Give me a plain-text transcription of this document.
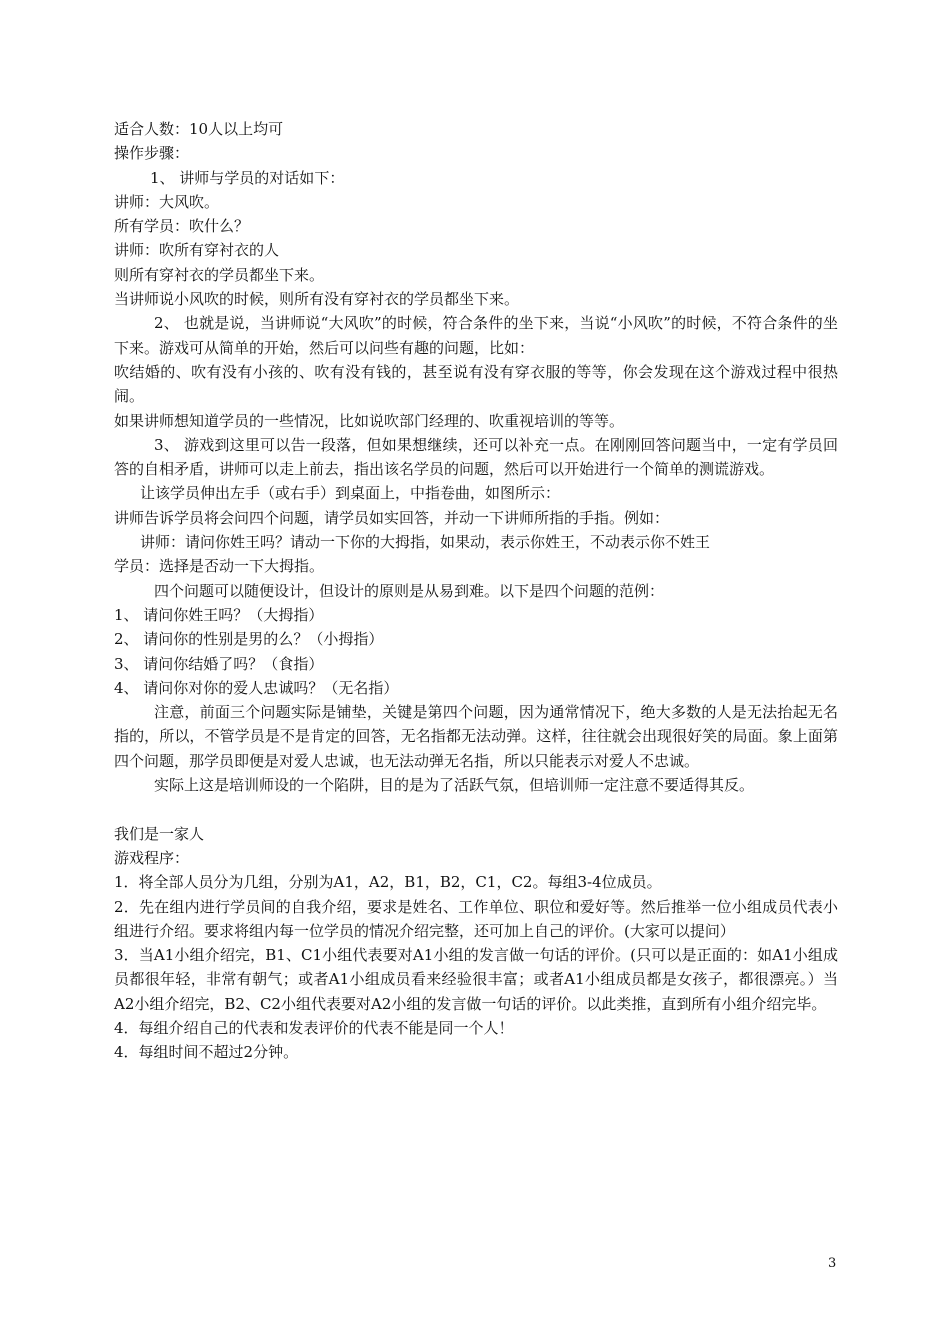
适合人数：10人以上均可

操作步骤：

1、 讲师与学员的对话如下：

讲师：大风吹。

所有学员：吹什么？

讲师：吹所有穿衬衣的人

则所有穿衬衣的学员都坐下来。

当讲师说小风吹的时候，则所有没有穿衬衣的学员都坐下来。

2、 也就是说，当讲师说“大风吹”的时候，符合条件的坐下来，当说“小风吹”的时候，不符合条件的坐下来。游戏可从简单的开始，然后可以问些有趣的问题，比如：

吹结婚的、吹有没有小孩的、吹有没有钱的，甚至说有没有穿衣服的等等，你会发现在这个游戏过程中很热闹。

如果讲师想知道学员的一些情况，比如说吹部门经理的、吹重视培训的等等。

3、 游戏到这里可以告一段落，但如果想继续，还可以补充一点。在刚刚回答问题当中，一定有学员回答的自相矛盾，讲师可以走上前去，指出该名学员的问题，然后可以开始进行一个简单的测谎游戏。

让该学员伸出左手（或右手）到桌面上，中指卷曲，如图所示：

讲师告诉学员将会问四个问题，请学员如实回答，并动一下讲师所指的手指。例如：

讲师：请问你姓王吗？请动一下你的大拇指，如果动，表示你姓王，不动表示你不姓王

学员：选择是否动一下大拇指。

四个问题可以随便设计，但设计的原则是从易到难。以下是四个问题的范例：

1、 请问你姓王吗？（大拇指）

2、 请问你的性别是男的么？（小拇指）

3、 请问你结婚了吗？（食指）

4、 请问你对你的爱人忠诚吗？（无名指）

注意，前面三个问题实际是铺垫，关键是第四个问题，因为通常情况下，绝大多数的人是无法抬起无名指的，所以，不管学员是不是肯定的回答，无名指都无法动弹。这样，往往就会出现很好笑的局面。象上面第四个问题，那学员即便是对爱人忠诚，也无法动弹无名指，所以只能表示对爱人不忠诚。

实际上这是培训师设的一个陷阱，目的是为了活跃气氛，但培训师一定注意不要适得其反。

我们是一家人

游戏程序：

1．将全部人员分为几组，分别为A1，A2，B1，B2，C1，C2。每组3-4位成员。

2．先在组内进行学员间的自我介绍，要求是姓名、工作单位、职位和爱好等。然后推举一位小组成员代表小组进行介绍。要求将组内每一位学员的情况介绍完整，还可加上自己的评价。(大家可以提问）

3．当A1小组介绍完，B1、C1小组代表要对A1小组的发言做一句话的评价。(只可以是正面的：如A1小组成员都很年轻，非常有朝气；或者A1小组成员看来经验很丰富；或者A1小组成员都是女孩子，都很漂亮。）当A2小组介绍完，B2、C2小组代表要对A2小组的发言做一句话的评价。以此类推，直到所有小组介绍完毕。

4．每组介绍自己的代表和发表评价的代表不能是同一个人！

4．每组时间不超过2分钟。

3
